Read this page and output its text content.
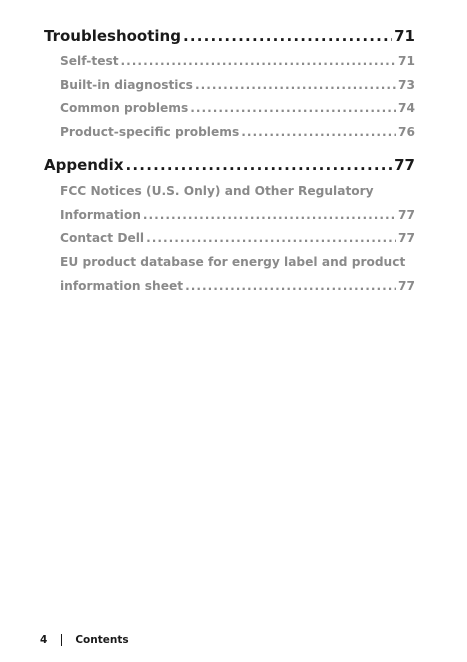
Troubleshooting .....	71
Self-test .....	71
Built-in diagnostics .....	73
Common problems .....	74
Product-specific problems .....	76
Appendix .....	77
FCC Notices (U.S. Only) and Other Regulatory
Information .....	77
Contact Dell .....	77
EU product database for energy label and product
information sheet .....	77
4	Contents
